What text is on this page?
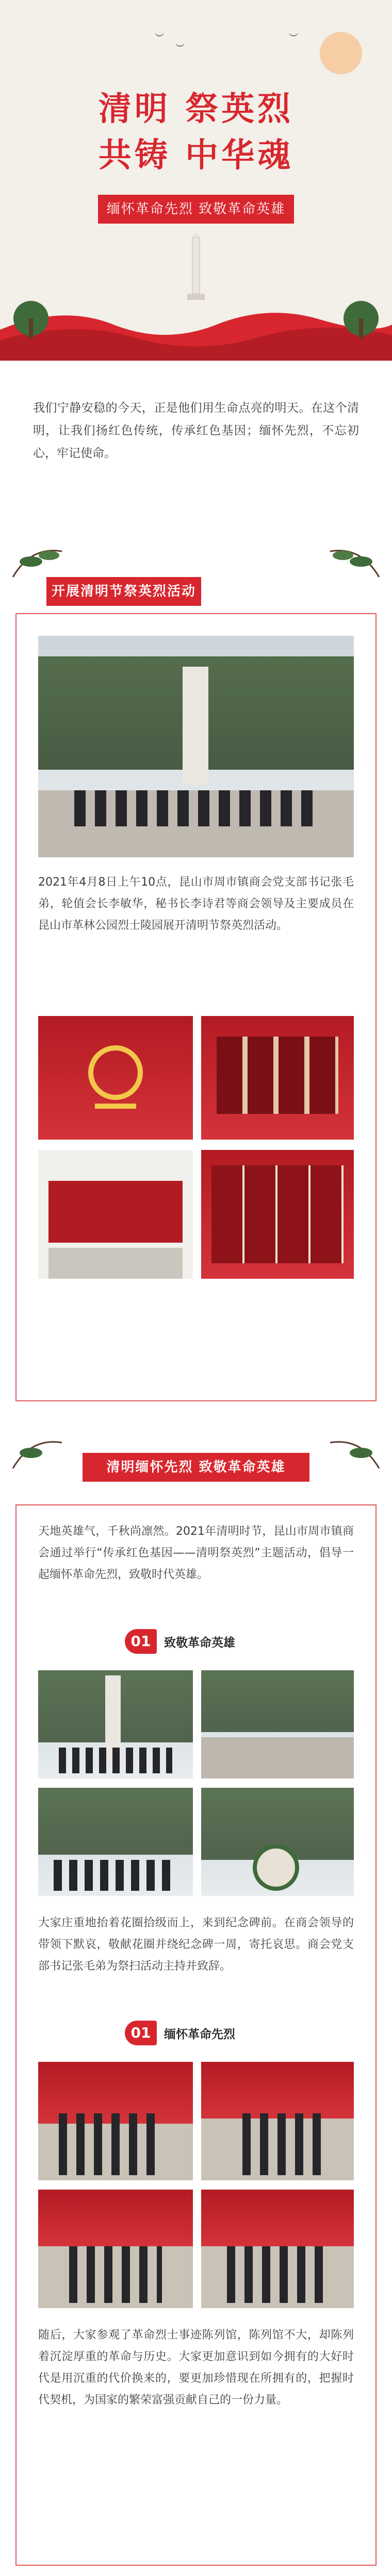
︶
︶
︶
清明 祭英烈
共铸 中华魂
缅怀革命先烈 致敬革命英雄
我们宁静安稳的今天，正是他们用生命点亮的明天。在这个清明，让我们扬红色传统，传承红色基因；缅怀先烈，不忘初心，牢记使命。
开展清明节祭英烈活动
2021年4月8日上午10点，昆山市周市镇商会党支部书记张毛弟，轮值会长李敏华，秘书长李诗君等商会领导及主要成员在昆山市革林公园烈士陵园展开清明节祭英烈活动。
清明缅怀先烈 致敬革命英雄
天地英雄气，千秋尚凛然。2021年清明时节，昆山市周市镇商会通过举行“传承红色基因——清明祭英烈”主题活动，倡导一起缅怀革命先烈，致敬时代英雄。
01	致敬革命英雄
大家庄重地抬着花圈拾级而上，来到纪念碑前。在商会领导的带领下默哀，敬献花圈并绕纪念碑一周，寄托哀思。商会党支部书记张毛弟为祭扫活动主持并致辞。
01	缅怀革命先烈
随后，大家参观了革命烈士事迹陈列馆，陈列馆不大，却陈列着沉淀厚重的革命与历史。大家更加意识到如今拥有的大好时代是用沉重的代价换来的，要更加珍惜现在所拥有的，把握时代契机，为国家的繁荣富强贡献自己的一份力量。
